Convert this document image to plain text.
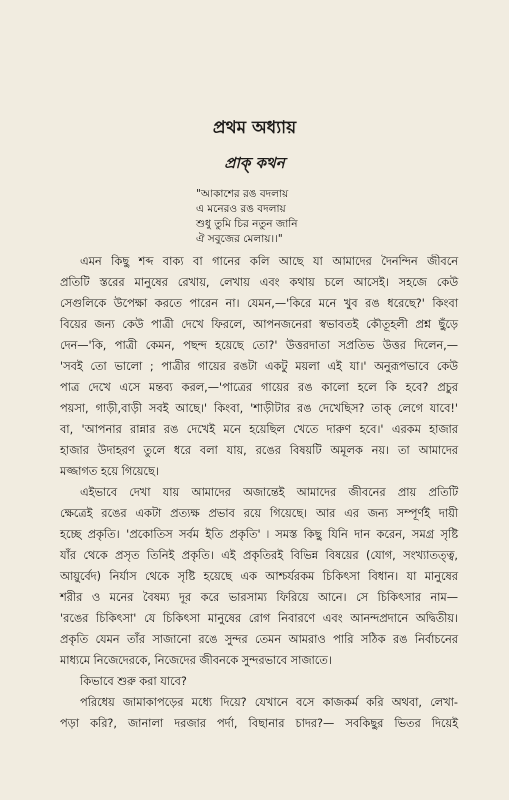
প্রথম অধ্যায়
প্রাক্‌ কথন
"আকাশের রঙ বদলায়
এ মনেরও রঙ বদলায়
শুধু তুমি চির নতুন জানি
ঐ সবুজের মেলায়।।"
এমন কিছু শব্দ বাক্য বা গানের কলি আছে যা আমাদের দৈনন্দিন জীবনে
প্রতিটি স্তরের মানুষের রেখায়, লেখায় এবং কথায় চলে আসেই। সহজে কেউ
সেগুলিকে উপেক্ষা করতে পারেন না। যেমন,—'কিরে মনে খুব রঙ ধরেছে?' কিংবা
বিয়ের জন্য কেউ পাত্রী দেখে ফিরলে, আপনজনেরা স্বভাবতই কৌতূহলী প্রশ্ন ছুঁড়ে
দেন—'কি, পাত্রী কেমন, পছন্দ হয়েছে তো?' উত্তরদাতা সপ্রতিভ উত্তর দিলেন,—
'সবই তো ভালো ; পাত্রীর গায়ের রঙটা একটু ময়লা এই যা।' অনুরূপভাবে কেউ
পাত্র দেখে এসে মন্তব্য করল,—'পাত্রের গায়ের রঙ কালো হলে কি হবে? প্রচুর
পয়সা, গাড়ী,বাড়ী সবই আছে।' কিংবা, 'শাড়ীটার রঙ দেখেছিস? তাক্‌ লেগে যাবে!'
বা, 'আপনার রান্নার রঙ দেখেই মনে হয়েছিল খেতে দারুণ হবে।' এরকম হাজার
হাজার উদাহরণ তুলে ধরে বলা যায়, রঙের বিষয়টি অমূলক নয়। তা আমাদের
মজ্জাগত হয়ে গিয়েছে।
এইভাবে দেখা যায় আমাদের অজান্তেই আমাদের জীবনের প্রায় প্রতিটি
ক্ষেত্রেই রঙের একটা প্রত্যক্ষ প্রভাব রয়ে গিয়েছে। আর এর জন্য সম্পূর্ণই দায়ী
হচ্ছে প্রকৃতি। 'প্রকোতিস সর্বম ইতি প্রকৃতি' ৷ সমস্ত কিছু যিনি দান করেন, সমগ্র সৃষ্টি
যাঁর থেকে প্রসৃত তিনিই প্রকৃতি। এই প্রকৃতিরই বিভিন্ন বিষয়ের (যোগ, সংখ্যাতত্ত্ব,
আয়ুর্বেদ) নির্যাস থেকে সৃষ্টি হয়েছে এক আশ্চর্যরকম চিকিৎসা বিধান। যা মানুষের
শরীর ও মনের বৈষম্য দূর করে ভারসাম্য ফিরিয়ে আনে। সে চিকিৎসার নাম—
'রঙের চিকিৎসা' যে চিকিৎসা মানুষের রোগ নিবারণে এবং আনন্দপ্রদানে অদ্বিতীয়।
প্রকৃতি যেমন তাঁর সাজানো রঙে সুন্দর তেমন আমরাও পারি সঠিক রঙ নির্বাচনের
মাধ্যমে নিজেদেরকে, নিজেদের জীবনকে সুন্দরভাবে সাজাতে।
কিভাবে শুরু করা যাবে?
পরিধেয় জামাকাপড়ের মধ্যে দিয়ে? যেখানে বসে কাজকর্ম করি অথবা, লেখা-
পড়া করি?, জানালা দরজার পর্দা, বিছানার চাদর?— সবকিছুর ভিতর দিয়েই
